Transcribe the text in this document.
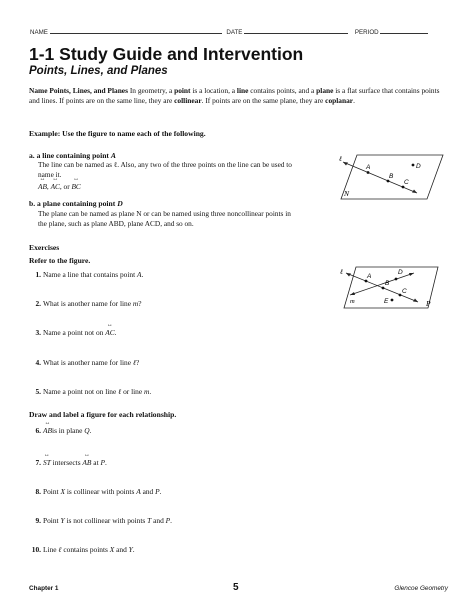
NAME	DATE	PERIOD
1-1 Study Guide and Intervention
Points, Lines, and Planes
Name Points, Lines, and Planes In geometry, a point is a location, a line contains points, and a plane is a flat surface that contains points and lines. If points are on the same line, they are collinear. If points are on the same plane, they are coplanar.
Example: Use the figure to name each of the following.
a. a line containing point A
The line can be named as ℓ. Also, any two of the three points on the line can be used to
name it.
↔ AB, ↔ AC, or ↔ BC
b. a plane containing point D
The plane can be named as plane N or can be named using three noncollinear points in
the plane, such as plane ABD, plane ACD, and so on.
ℓ
A
B
C
D
N
Exercises
Refer to the figure.
1. Name a line that contains point A.
2. What is another name for line m?
3. Name a point not on ↔ AC.
4. What is another name for line ℓ?
5. Name a point not on line ℓ or line m.
ℓ
A
B
C
D
E
m	P
Draw and label a figure for each relationship.
6. ↔ ABis in plane Q.
7. ↔ ST intersects ↔ AB at P.
8. Point X is collinear with points A and P.
9. Point Y is not collinear with points T and P.
10. Line ℓ contains points X and Y.
Chapter 1	5	Glencoe Geometry
